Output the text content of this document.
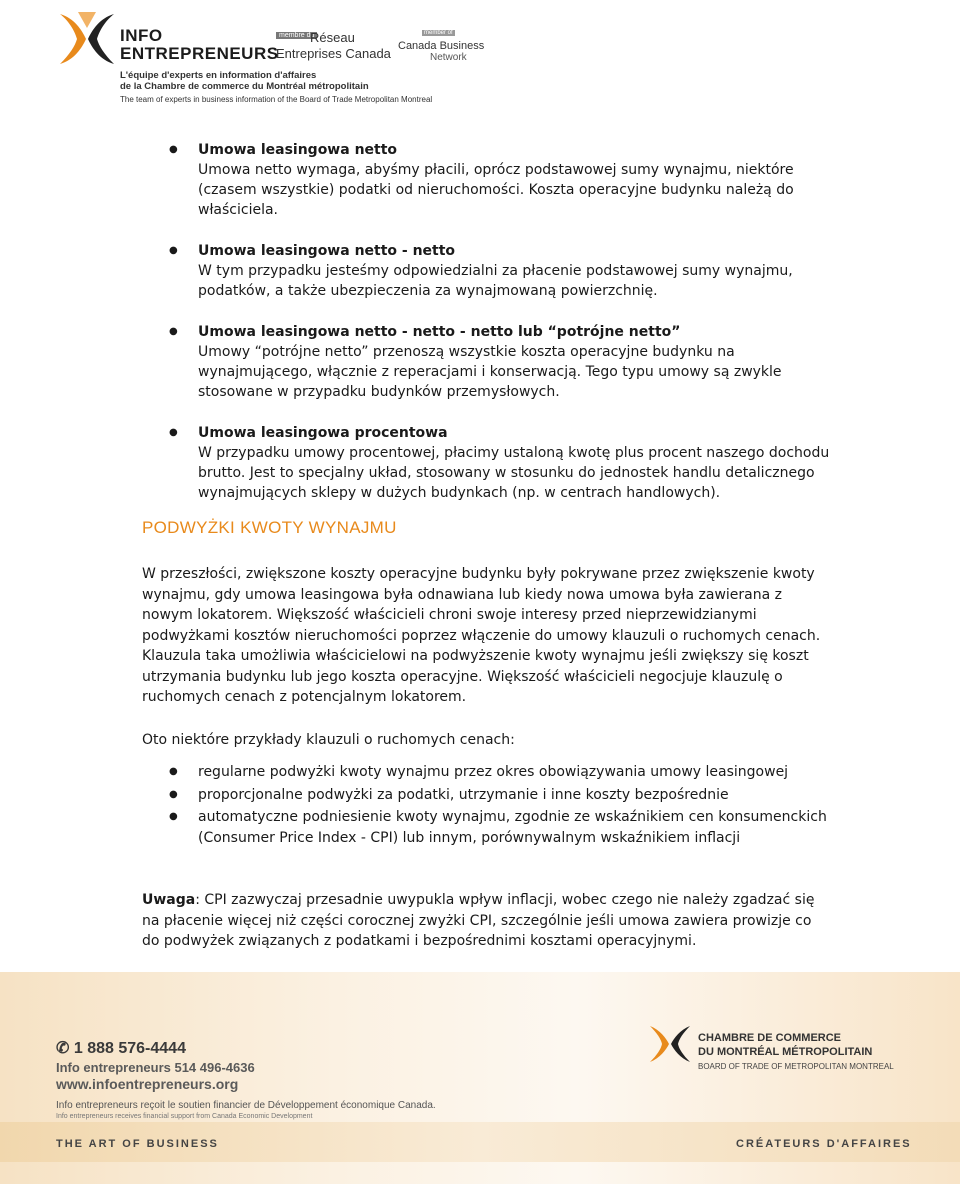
INFO
ENTREPRENEURS
membre du
Réseau
Entreprises Canada
member of
Canada Business
Network
L'équipe d'experts en information d'affaires
de la Chambre de commerce du Montréal métropolitain
The team of experts in business information of the Board of Trade Metropolitan Montreal
● Umowa leasingowa netto
Umowa netto wymaga, abyśmy płacili, oprócz podstawowej sumy wynajmu, niektóre (czasem wszystkie) podatki od nieruchomości. Koszta operacyjne budynku należą do właściciela.
● Umowa leasingowa netto - netto
W tym przypadku jesteśmy odpowiedzialni za płacenie podstawowej sumy wynajmu, podatków, a także ubezpieczenia za wynajmowaną powierzchnię.
● Umowa leasingowa netto - netto - netto lub “potrójne netto”
Umowy “potrójne netto” przenoszą wszystkie koszta operacyjne budynku na wynajmującego, włącznie z reperacjami i konserwacją. Tego typu umowy są zwykle stosowane w przypadku budynków przemysłowych.
● Umowa leasingowa procentowa
W przypadku umowy procentowej, płacimy ustaloną kwotę plus procent naszego dochodu brutto. Jest to specjalny układ, stosowany w stosunku do jednostek handlu detalicznego wynajmujących sklepy w dużych budynkach (np. w centrach handlowych).
PODWYŻKI KWOTY WYNAJMU

W przeszłości, zwiększone koszty operacyjne budynku były pokrywane przez zwiększenie kwoty wynajmu, gdy umowa leasingowa była odnawiana lub kiedy nowa umowa była zawierana z nowym lokatorem. Większość właścicieli chroni swoje interesy przed nieprzewidzianymi podwyżkami kosztów nieruchomości poprzez włączenie do umowy klauzuli o ruchomych cenach. Klauzula taka umożliwia właścicielowi na podwyższenie kwoty wynajmu jeśli zwiększy się koszt utrzymania budynku lub jego koszta operacyjne. Większość właścicieli negocjuje klauzulę o ruchomych cenach z potencjalnym lokatorem.

Oto niektóre przykłady klauzuli o ruchomych cenach:

● regularne podwyżki kwoty wynajmu przez okres obowiązywania umowy leasingowej
● proporcjonalne podwyżki za podatki, utrzymanie i inne koszty bezpośrednie
● automatyczne podniesienie kwoty wynajmu, zgodnie ze wskaźnikiem cen konsumenckich (Consumer Price Index - CPI) lub innym, porównywalnym wskaźnikiem inflacji

Uwaga: CPI zazwyczaj przesadnie uwypukla wpływ inflacji, wobec czego nie należy zgadzać się na płacenie więcej niż części corocznej zwyżki CPI, szczególnie jeśli umowa zawiera prowizje co do podwyżek związanych z podatkami i bezpośrednimi kosztami operacyjnymi.

✆ 1 888 576-4444
Info entrepreneurs 514 496-4636
www.infoentrepreneurs.org
Info entrepreneurs reçoit le soutien financier de Développement économique Canada.
Info entrepreneurs receives financial support from Canada Economic Development
CHAMBRE DE COMMERCE
DU MONTRÉAL MÉTROPOLITAIN
BOARD OF TRADE OF METROPOLITAN MONTREAL
THE ART OF BUSINESS	CRÉATEURS D'AFFAIRES
